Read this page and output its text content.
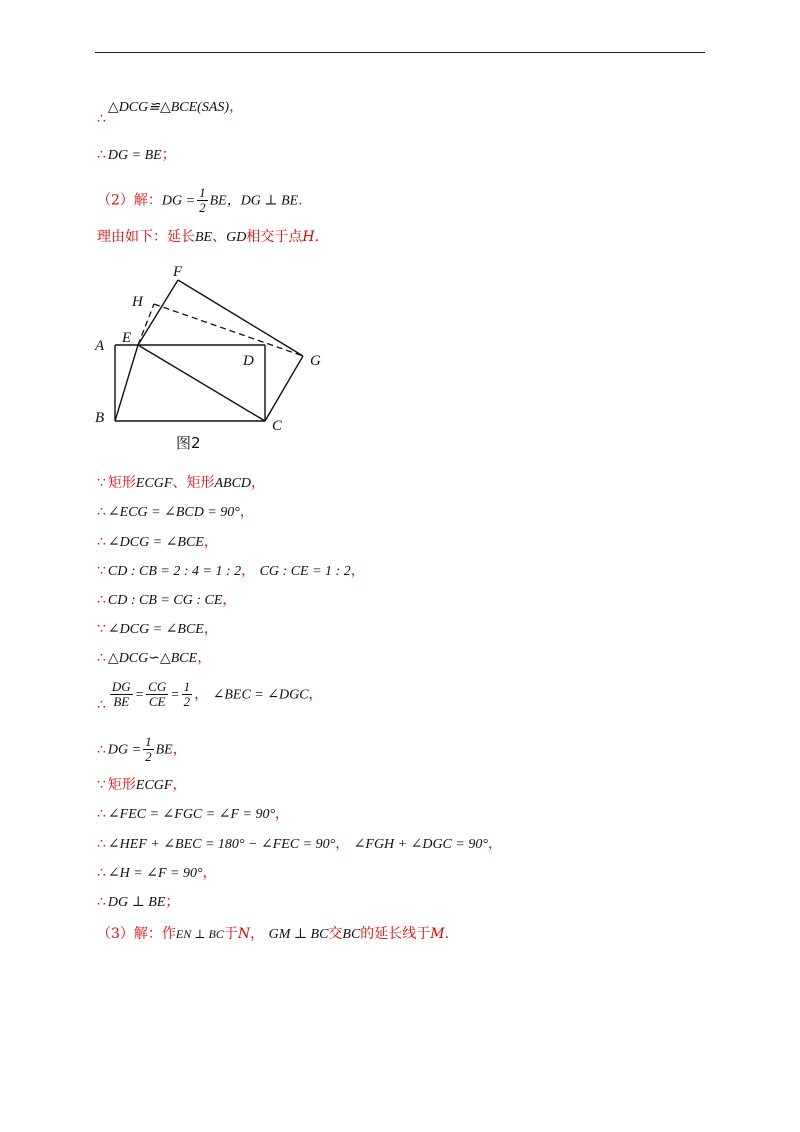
∴△DCG≌△BCE(SAS)，
∴ DG = BE；
（2）解：DG = $\frac{1}{2}$ BE，DG ⊥ BE．
理由如下：延长BE、GD相交于点H.
F
H
A E
D	G
B	C
图2
∵ 矩形ECGF、矩形ABCD，
∴ ∠ECG = ∠BCD = 90°，
∴ ∠DCG = ∠BCE，
∵ CD : CB = 2 : 4 = 1 : 2， CG : CE = 1 : 2，
∴ CD : CB = CG : CE，
∵ ∠DCG = ∠BCE，
∴ △DCG∽△BCE，
∴ $\frac{DG}{BE} = \frac{CG}{CE} = \frac{1}{2}$ ， ∠BEC = ∠DGC，
∴ DG = $\frac{1}{2}$ BE，
∵ 矩形ECGF，
∴ ∠FEC = ∠FGC = ∠F = 90°，
∴ ∠HEF + ∠BEC = 180° − ∠FEC = 90°， ∠FGH + ∠DGC = 90°，
∴ ∠H = ∠F = 90°，
∴ DG ⊥ BE；
（3）解：作EN ⊥ BC于N， GM ⊥ BC交BC的延长线于M.
